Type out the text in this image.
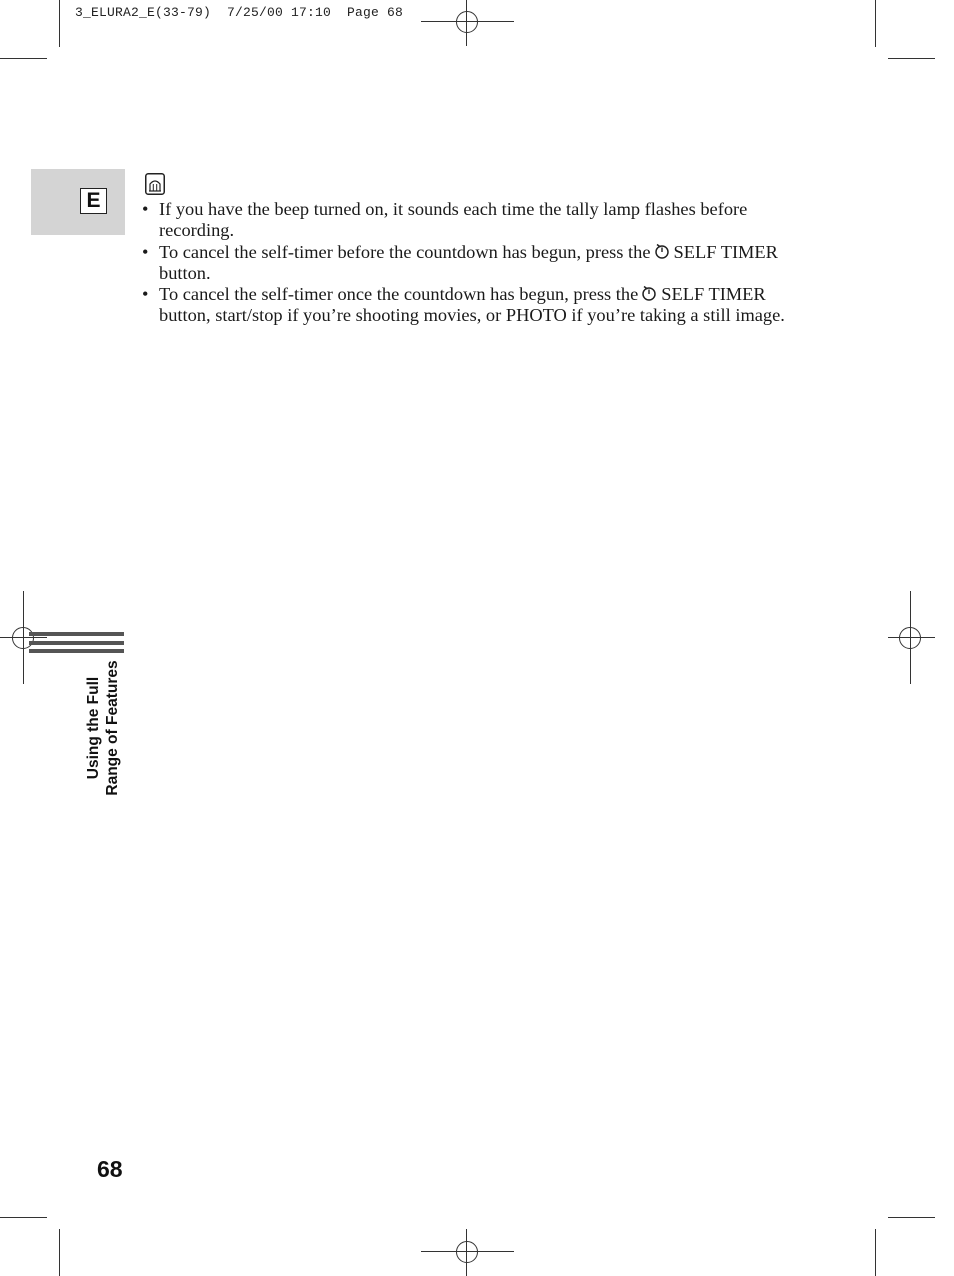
3_ELURA2_E(33-79)  7/25/00 17:10  Page 68
E
•	If you have the beep turned on, it sounds each time the tally lamp flashes before recording.
• To cancel the self-timer before the countdown has begun, press the SELF TIMER button.
• To cancel the self-timer once the countdown has begun, press the SELF TIMER button, start/stop if you’re shooting movies, or PHOTO if you’re taking a still image.
Using the Full Range of Features
68
